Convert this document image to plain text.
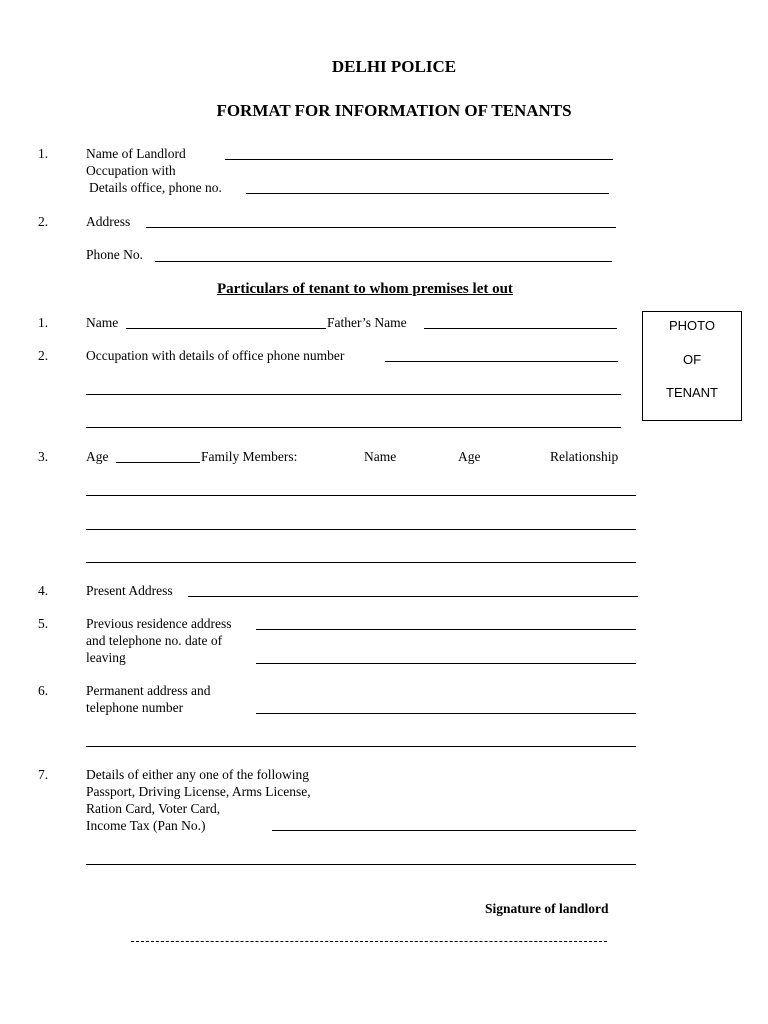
DELHI POLICE
FORMAT FOR INFORMATION OF TENANTS
1.	Name of Landlord
Occupation with
Details office, phone no.
2.	Address
Phone No.
Particulars of tenant to whom premises let out
PHOTO
OF
TENANT
1.	Name	Father’s Name
2.	Occupation with details of office phone number
3.	Age	Family Members:	Name	Age	Relationship
4.	Present Address
5.	Previous residence address
and telephone no. date of
leaving
6.	Permanent address and
telephone number
7.	Details of either any one of the following
Passport, Driving License, Arms License,
Ration Card, Voter Card,
Income Tax (Pan No.)
Signature of landlord
